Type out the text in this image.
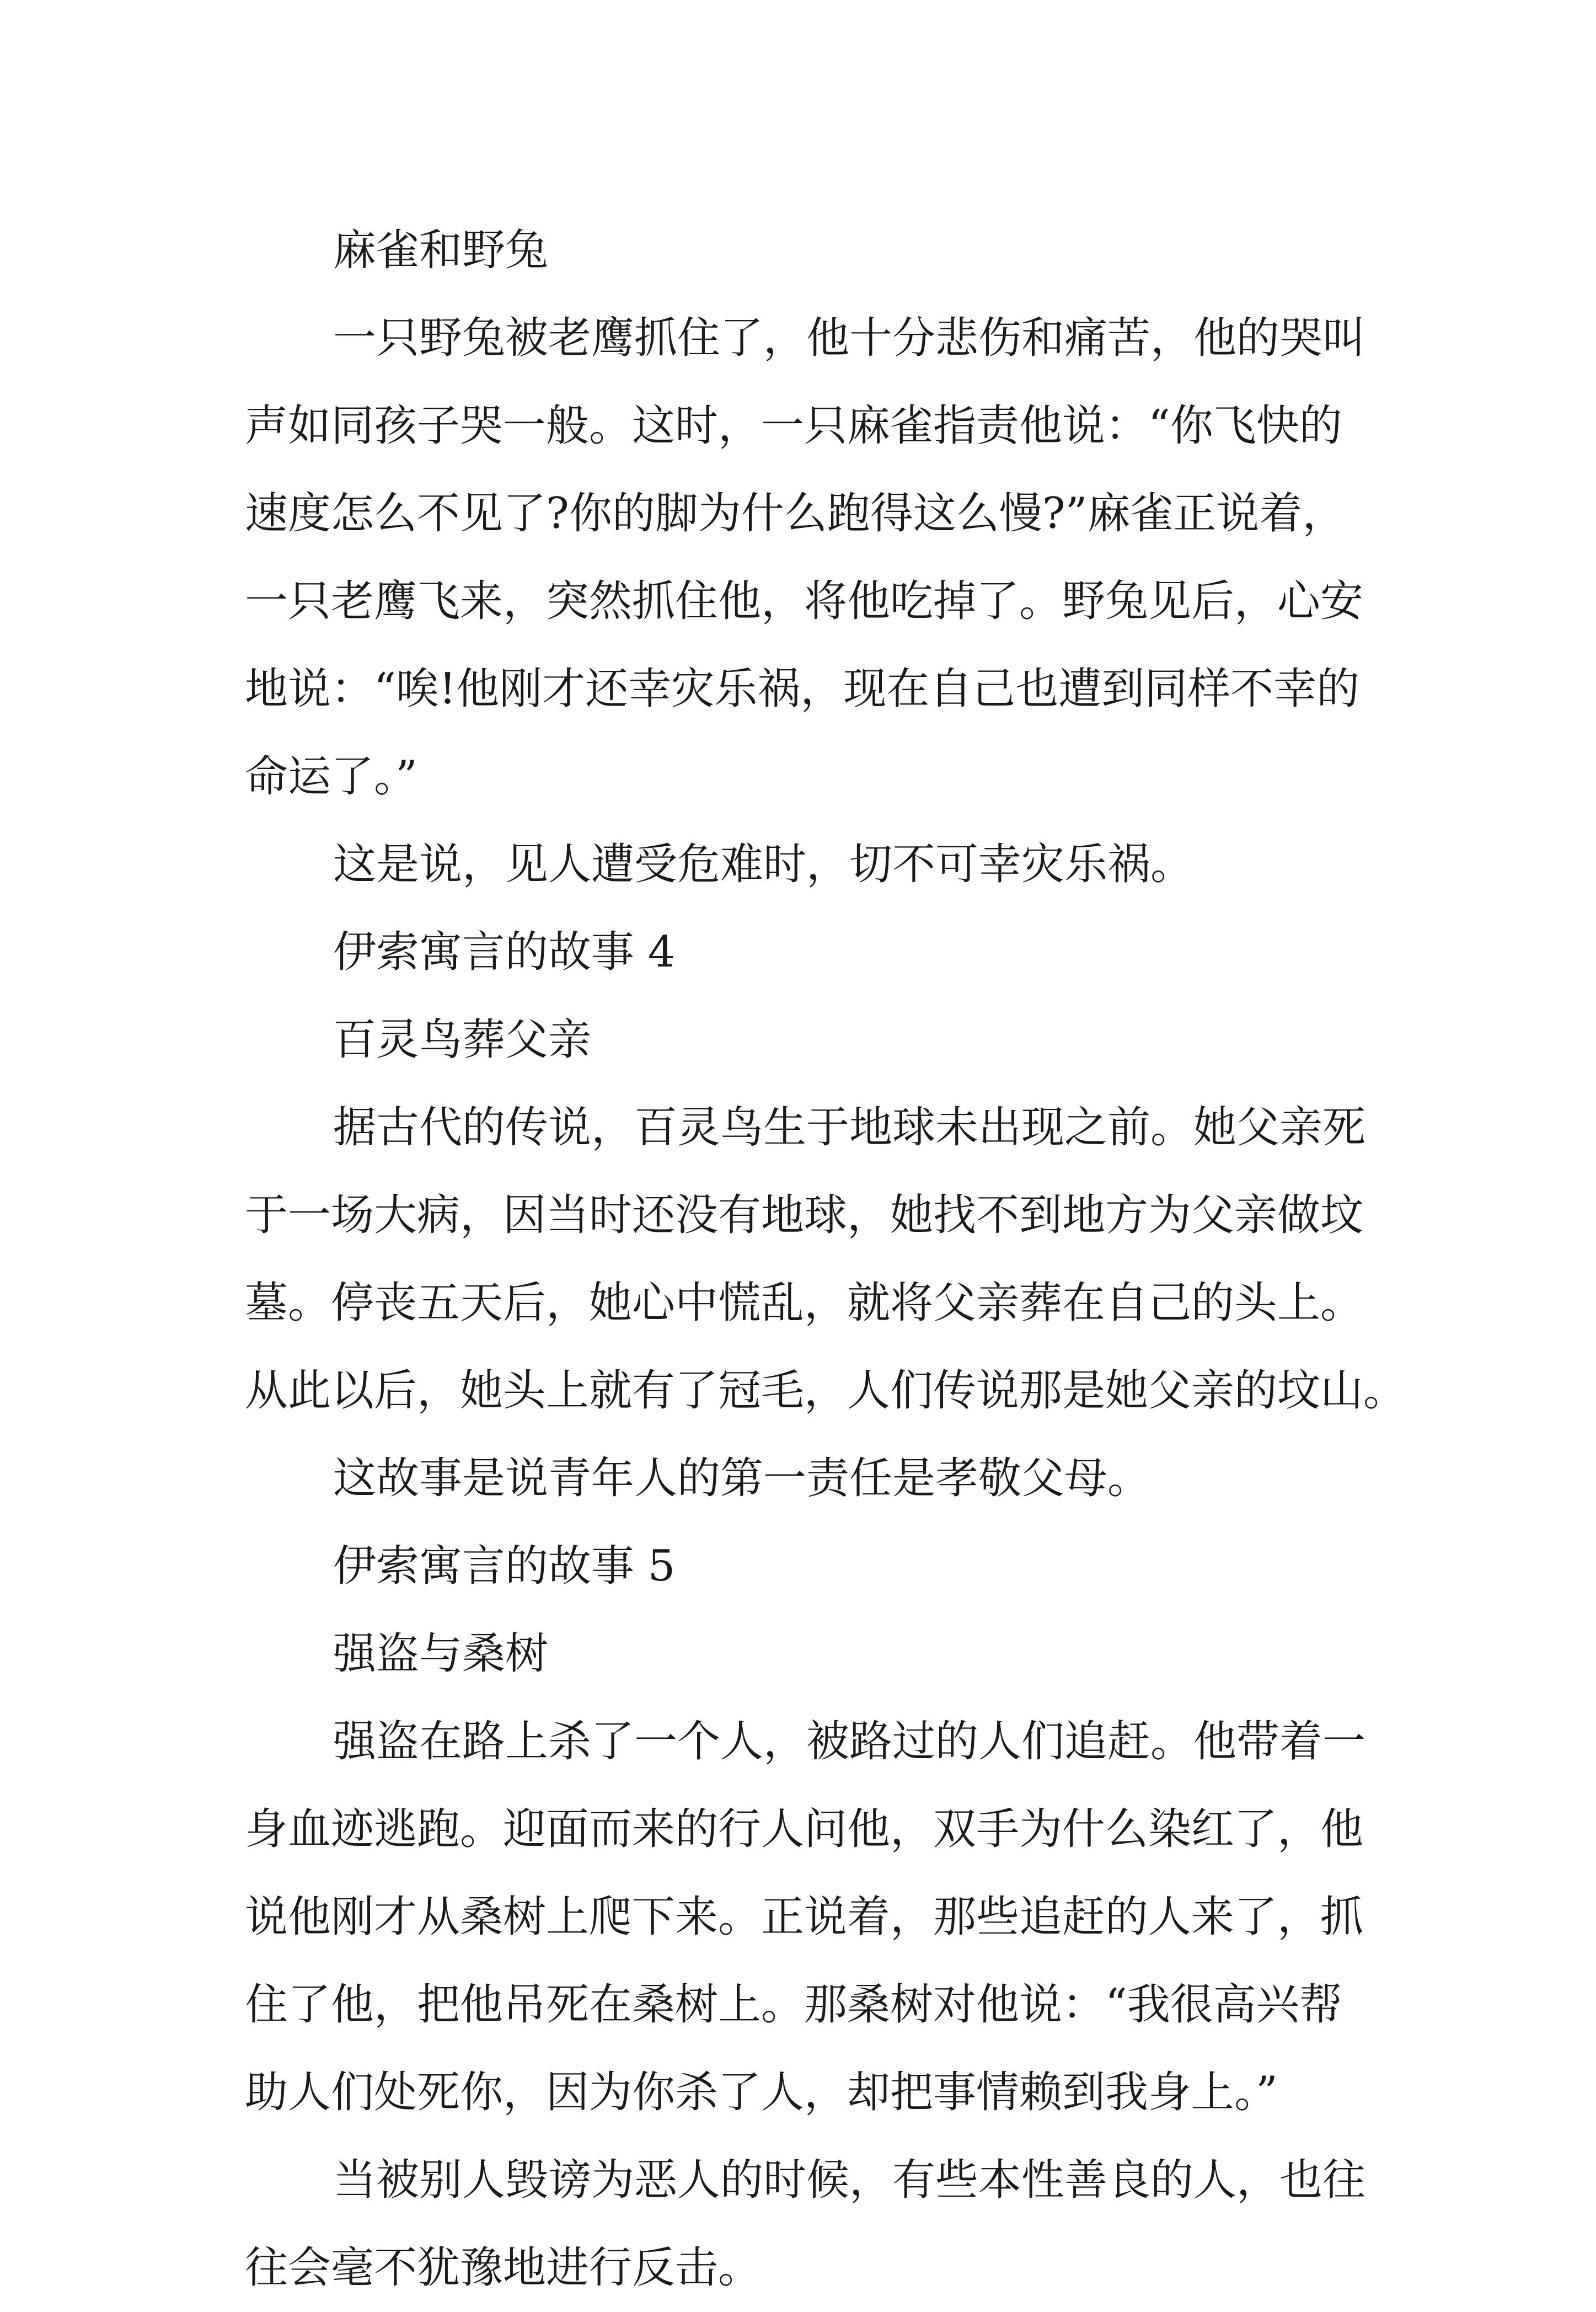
麻雀和野兔
一只野兔被老鹰抓住了，他十分悲伤和痛苦，他的哭叫
声如同孩子哭一般。这时，一只麻雀指责他说：“你飞快的
速度怎么不见了?你的脚为什么跑得这么慢?”麻雀正说着，
一只老鹰飞来，突然抓住他，将他吃掉了。野兔见后，心安
地说：“唉!他刚才还幸灾乐祸，现在自己也遭到同样不幸的
命运了。”
这是说，见人遭受危难时，切不可幸灾乐祸。
伊索寓言的故事 4
百灵鸟葬父亲
据古代的传说，百灵鸟生于地球未出现之前。她父亲死
于一场大病，因当时还没有地球，她找不到地方为父亲做坟
墓。停丧五天后，她心中慌乱，就将父亲葬在自己的头上。
从此以后，她头上就有了冠毛，人们传说那是她父亲的坟山。
这故事是说青年人的第一责任是孝敬父母。
伊索寓言的故事 5
强盗与桑树
强盗在路上杀了一个人，被路过的人们追赶。他带着一
身血迹逃跑。迎面而来的行人问他，双手为什么染红了，他
说他刚才从桑树上爬下来。正说着，那些追赶的人来了，抓
住了他，把他吊死在桑树上。那桑树对他说：“我很高兴帮
助人们处死你，因为你杀了人，却把事情赖到我身上。”
当被别人毁谤为恶人的时候，有些本性善良的人，也往
往会毫不犹豫地进行反击。
